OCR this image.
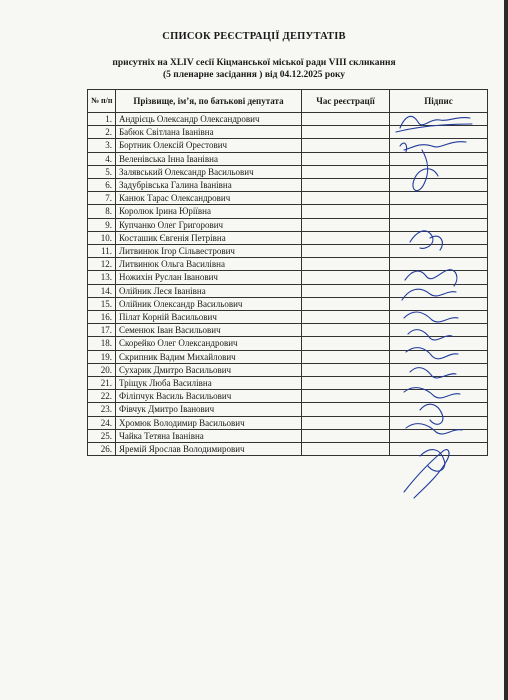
СПИСОК РЕЄСТРАЦІЇ ДЕПУТАТІВ
присутніх на XLIV сесії Кіцманської міської ради VIII скликання
(5 пленарне засідання ) від 04.12.2025 року
№ п/п	Прізвище, ім’я, по батькові депутата	Час реєстрації	Підпис
1.	Андрієць Олександр Олександрович		
2.	Бабюк Світлана Іванівна		
3.	Бортник Олексій Орестович		
4.	Веленівська Інна Іванівна		
5.	Залявський Олександр Васильович		
6.	Задубрівська Галина Іванівна		
7.	Канюк Тарас Олександрович		
8.	Королюк Ірина Юріївна		
9.	Купчанко Олег Григорович		
10.	Косташик Євгенія Петрівна		
11.	Литвинюк Ігор Сільвестрович		
12.	Литвинюк Ольга Василівна		
13.	Ножихін Руслан Іванович		
14.	Олійник Леся Іванівна		
15.	Олійник Олександр Васильович		
16.	Пілат Корній Васильович		
17.	Семенюк Іван Васильович		
18.	Скорейко Олег Олександрович		
19.	Скрипник Вадим Михайлович		
20.	Сухарик Дмитро Васильович		
21.	Тріщук Люба Василівна		
22.	Філіпчук Василь Васильович		
23.	Фівчук Дмитро Іванович		
24.	Хромюк Володимир Васильович		
25.	Чайка Тетяна Іванівна		
26.	Яремій Ярослав Володимирович		
